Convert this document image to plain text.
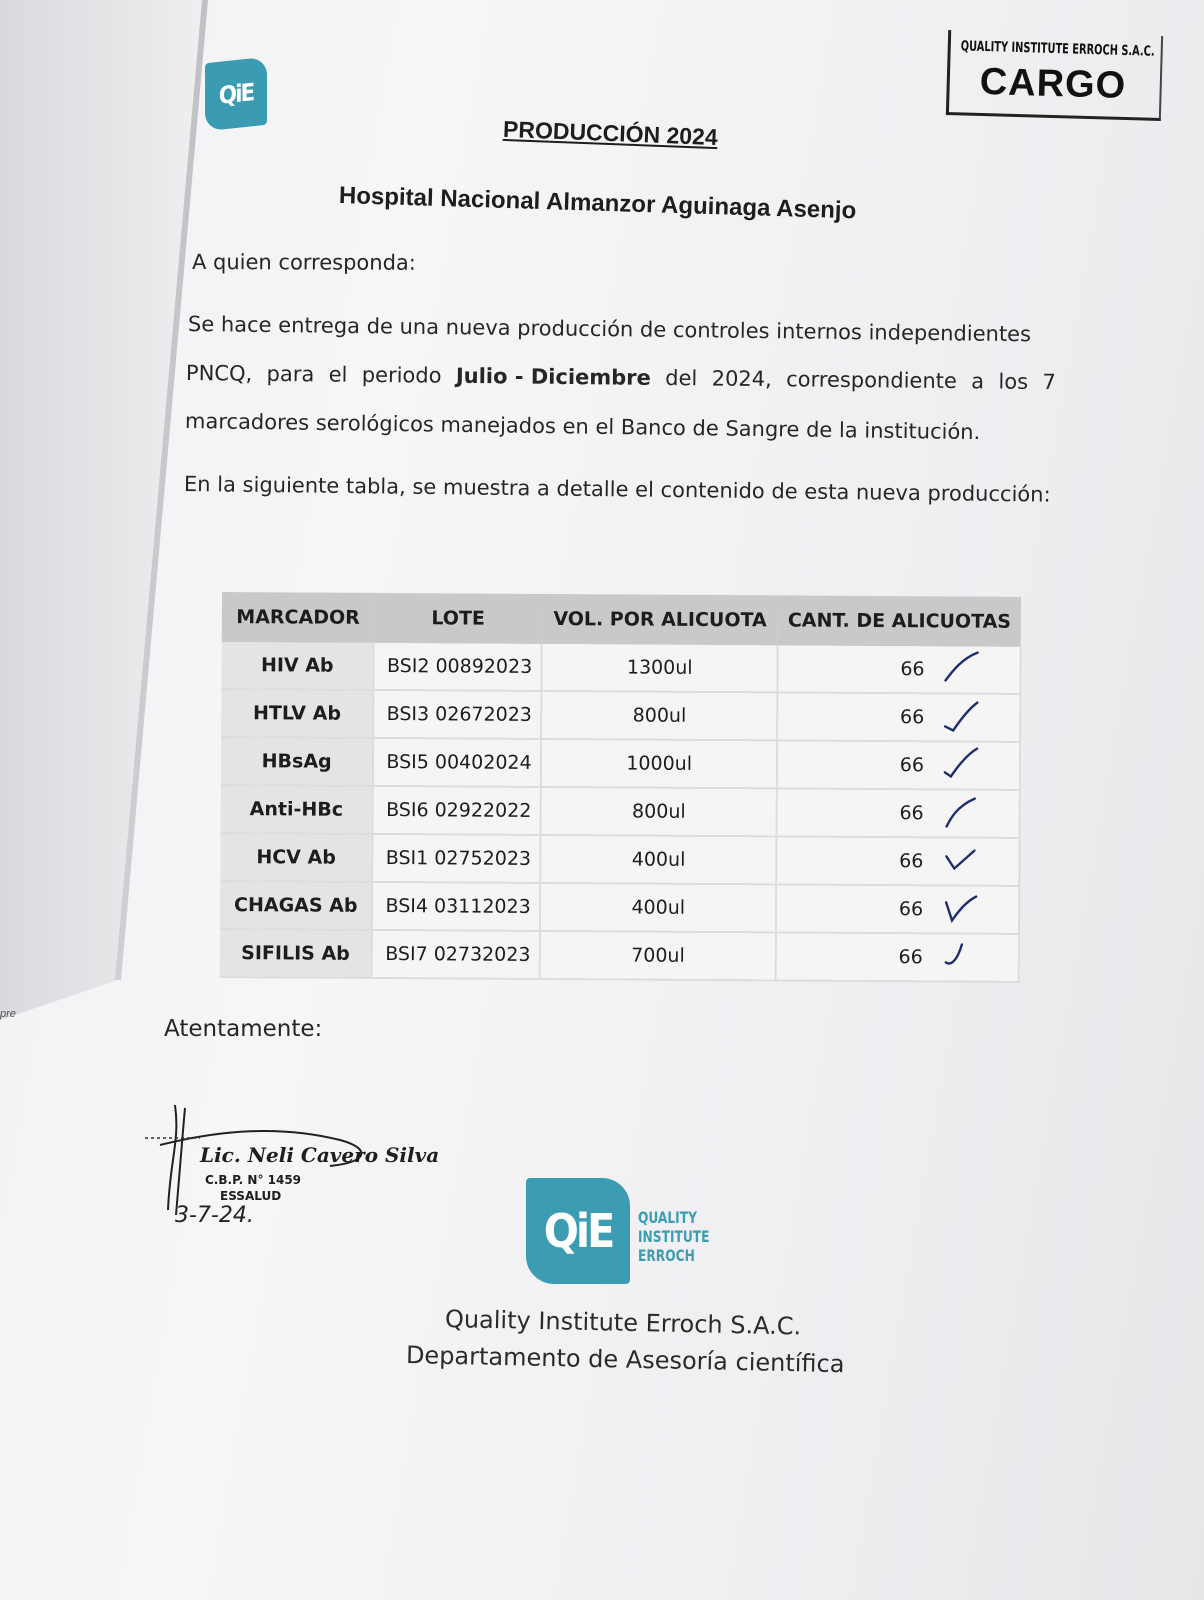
pre
QiE
QUALITY INSTITUTE ERROCH S.A.C.
CARGO
PRODUCCIÓN 2024
Hospital Nacional Almanzor Aguinaga Asenjo
A quien corresponda:
Se hace entrega de una nueva producción de controles internos independientes
PNCQ, para el periodo Julio - Diciembre del 2024, correspondiente a los 7
marcadores serológicos manejados en el Banco de Sangre de la institución.
En la siguiente tabla, se muestra a detalle el contenido de esta nueva producción:
MARCADOR	LOTE	VOL. POR ALICUOTA	CANT. DE ALICUOTAS
HIV Ab	BSI2 00892023	1300ul	66

HTLV Ab	BSI3 02672023	800ul	66

HBsAg	BSI5 00402024	1000ul	66

Anti-HBc	BSI6 02922022	800ul	66

HCV Ab	BSI1 02752023	400ul	66

CHAGAS Ab	BSI4 03112023	400ul	66

SIFILIS Ab	BSI7 02732023	700ul	66
Atentamente:
Lic. Neli Cavero Silva
C.B.P. N° 1459
ESSALUD
3-7-24.	QiE QUALITY
INSTITUTE
ERROCH
Quality Institute Erroch S.A.C.
Departamento de Asesoría científica
